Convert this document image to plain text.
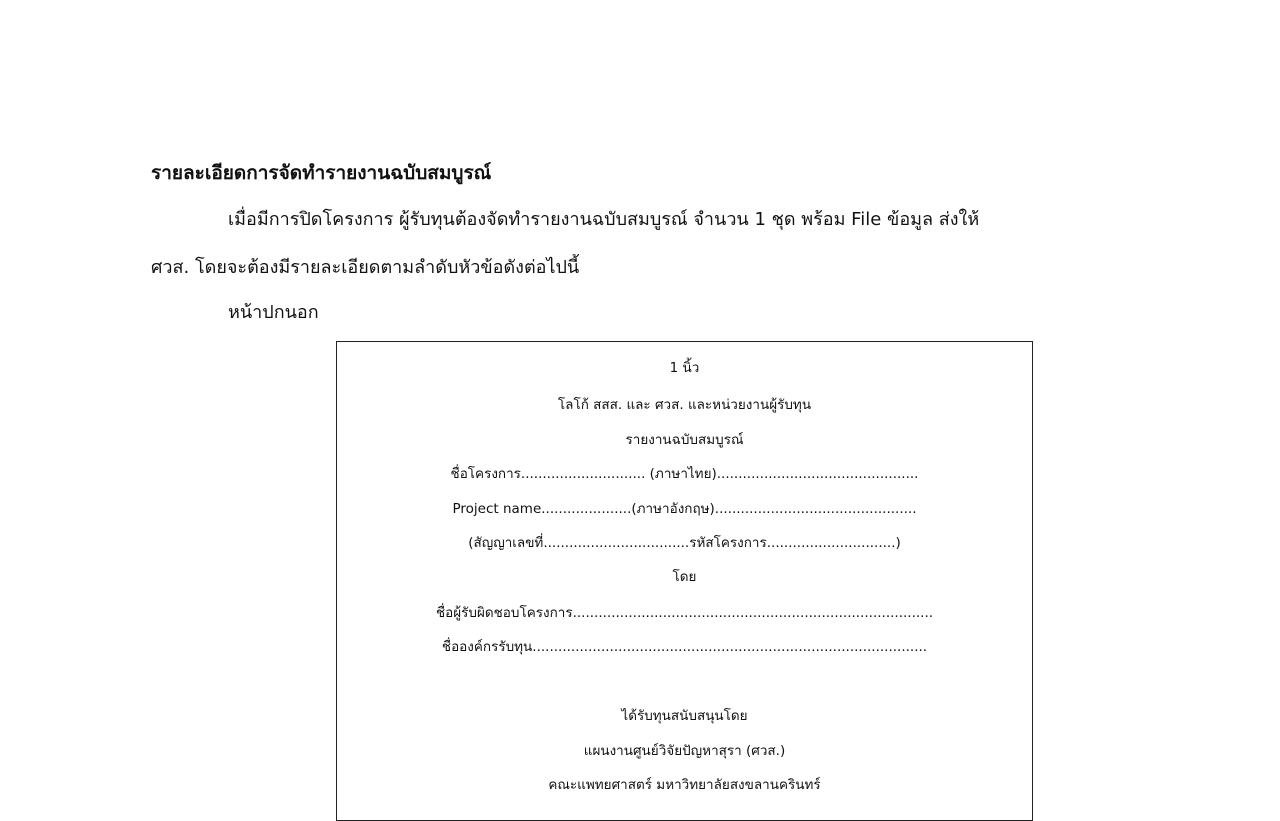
รายละเอียดการจัดทำรายงานฉบับสมบูรณ์

เมื่อมีการปิดโครงการ ผู้รับทุนต้องจัดทำรายงานฉบับสมบูรณ์ จำนวน 1 ชุด พร้อม File ข้อมูล ส่งให้

ศวส. โดยจะต้องมีรายละเอียดตามลำดับหัวข้อดังต่อไปนี้

หน้าปกนอก

1 นิ้ว

โลโก้ สสส. และ ศวส. และหน่วยงานผู้รับทุน

รายงานฉบับสมบูรณ์

ชื่อโครงการ............................. (ภาษาไทย)...............................................

Project name.....................(ภาษาอังกฤษ)...............................................

(สัญญาเลขที่..................................รหัสโครงการ..............................)

โดย

ชื่อผู้รับผิดชอบโครงการ....................................................................................

ชื่อองค์กรรับทุน............................................................................................

ได้รับทุนสนับสนุนโดย

แผนงานศูนย์วิจัยปัญหาสุรา (ศวส.)

คณะแพทยศาสตร์ มหาวิทยาลัยสงขลานครินทร์
